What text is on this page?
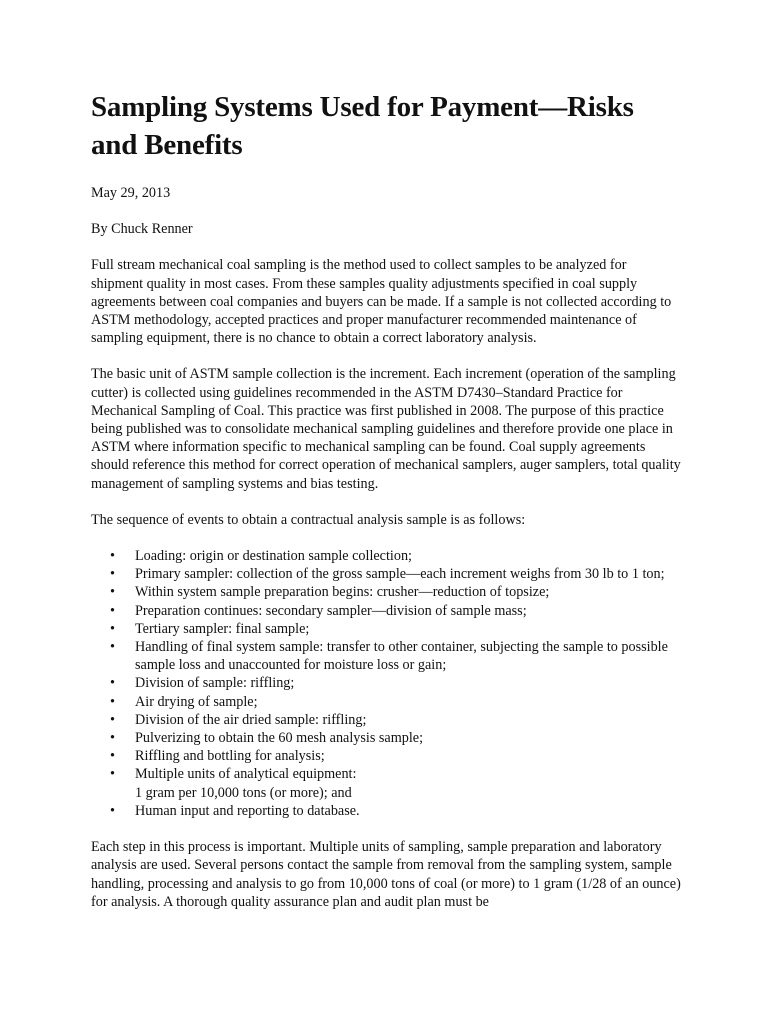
Sampling Systems Used for Payment—Risks and Benefits

May 29, 2013

By Chuck Renner

Full stream mechanical coal sampling is the method used to collect samples to be analyzed for shipment quality in most cases. From these samples quality adjustments specified in coal supply agreements between coal companies and buyers can be made. If a sample is not collected according to ASTM methodology, accepted practices and proper manufacturer recommended maintenance of sampling equipment, there is no chance to obtain a correct laboratory analysis.

The basic unit of ASTM sample collection is the increment. Each increment (operation of the sampling cutter) is collected using guidelines recommended in the ASTM D7430–Standard Practice for Mechanical Sampling of Coal. This practice was first published in 2008. The purpose of this practice being published was to consolidate mechanical sampling guidelines and therefore provide one place in ASTM where information specific to mechanical sampling can be found. Coal supply agreements should reference this method for correct operation of mechanical samplers, auger samplers, total quality management of sampling systems and bias testing.

The sequence of events to obtain a contractual analysis sample is as follows:

• Loading: origin or destination sample collection;
• Primary sampler: collection of the gross sample—each increment weighs from 30 lb to 1 ton;
• Within system sample preparation begins: crusher—reduction of topsize;
• Preparation continues: secondary sampler—division of sample mass;
• Tertiary sampler: final sample;
• Handling of final system sample: transfer to other container, subjecting the sample to possible sample loss and unaccounted for moisture loss or gain;
• Division of sample: riffling;
• Air drying of sample;
• Division of the air dried sample: riffling;
• Pulverizing to obtain the 60 mesh analysis sample;
• Riffling and bottling for analysis;
• Multiple units of analytical equipment:
1 gram per 10,000 tons (or more); and
• Human input and reporting to database.

Each step in this process is important. Multiple units of sampling, sample preparation and laboratory analysis are used. Several persons contact the sample from removal from the sampling system, sample handling, processing and analysis to go from 10,000 tons of coal (or more) to 1 gram (1/28 of an ounce) for analysis. A thorough quality assurance plan and audit plan must be
